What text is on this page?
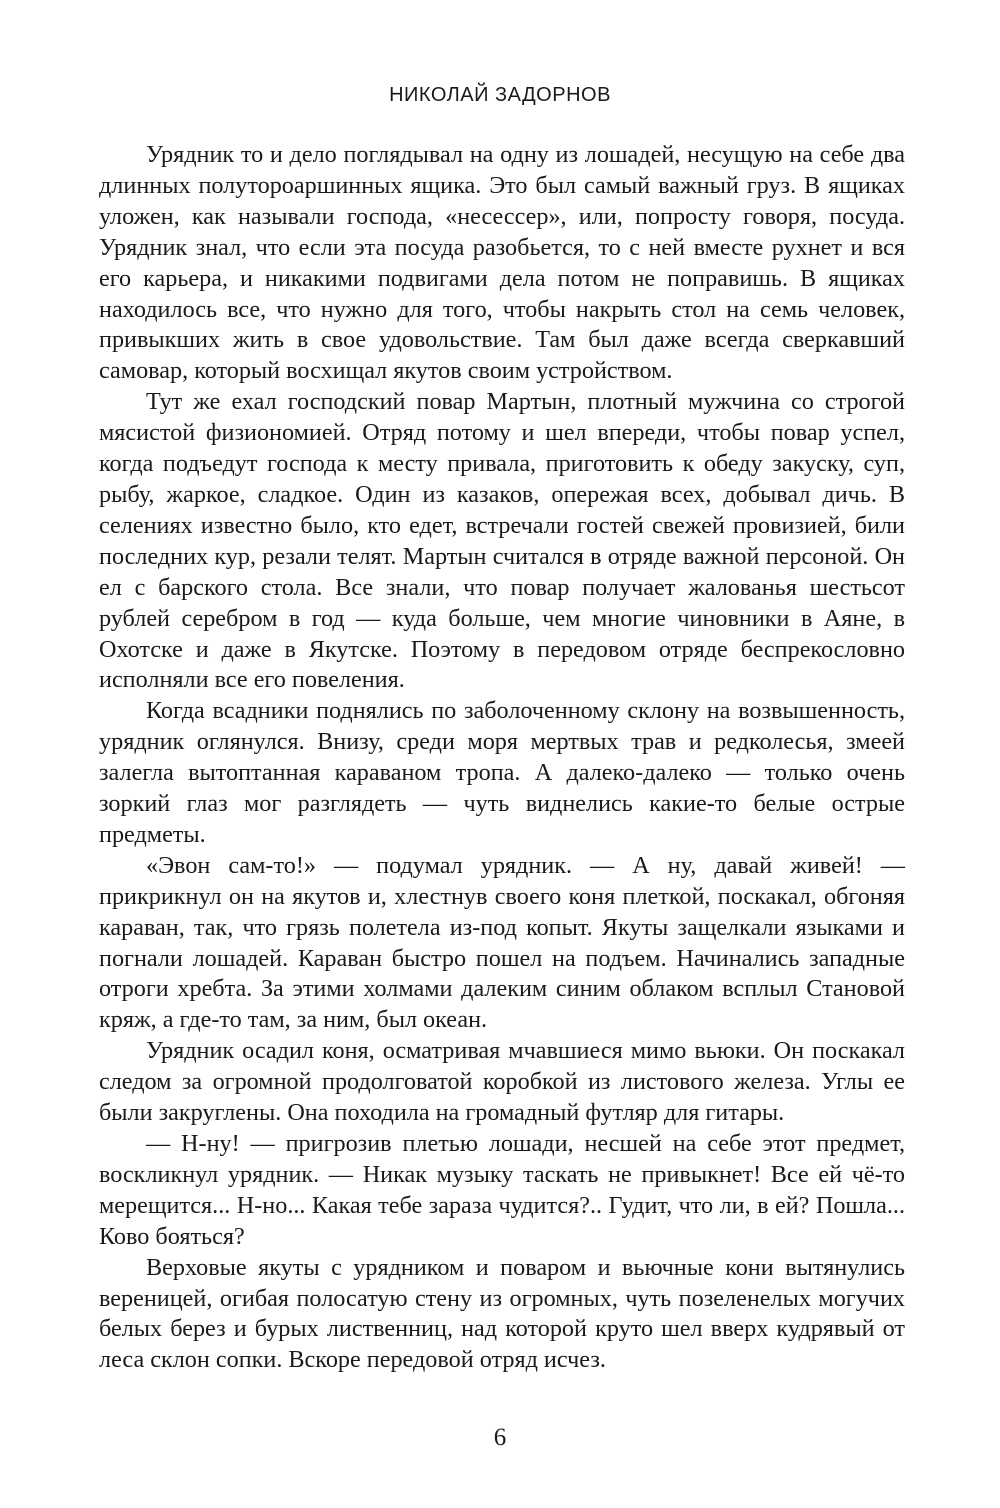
НИКОЛАЙ ЗАДОРНОВ

Урядник то и дело поглядывал на одну из лошадей, несущую на себе два длинных полутороаршинных ящика. Это был самый важный груз. В ящиках уложен, как называли господа, «несессер», или, попросту говоря, посуда. Урядник знал, что если эта посуда разобьется, то с ней вместе рухнет и вся его карьера, и никакими подвигами дела потом не поправишь. В ящиках находилось все, что нужно для того, чтобы накрыть стол на семь человек, привыкших жить в свое удовольствие. Там был даже всегда сверкавший самовар, который восхищал якутов своим устройством.

Тут же ехал господский повар Мартын, плотный мужчина со строгой мясистой физиономией. Отряд потому и шел впереди, чтобы повар успел, когда подъедут господа к месту привала, приготовить к обеду закуску, суп, рыбу, жаркое, сладкое. Один из казаков, опережая всех, добывал дичь. В селениях известно было, кто едет, встречали гостей свежей провизией, били последних кур, резали телят. Мартын считался в отряде важной персоной. Он ел с барского стола. Все знали, что повар получает жалованья шестьсот рублей серебром в год — куда больше, чем многие чиновники в Аяне, в Охотске и даже в Якутске. Поэтому в передовом отряде беспрекословно исполняли все его повеления.

Когда всадники поднялись по заболоченному склону на возвышенность, урядник оглянулся. Внизу, среди моря мертвых трав и редколесья, змеей залегла вытоптанная караваном тропа. А далеко-далеко — только очень зоркий глаз мог разглядеть — чуть виднелись какие-то белые острые предметы.

«Эвон сам-то!» — подумал урядник. — А ну, давай живей! — прикрикнул он на якутов и, хлестнув своего коня плеткой, поскакал, обгоняя караван, так, что грязь полетела из-под копыт. Якуты защелкали языками и погнали лошадей. Караван быстро пошел на подъем. Начинались западные отроги хребта. За этими холмами далеким синим облаком всплыл Становой кряж, а где-то там, за ним, был океан.

Урядник осадил коня, осматривая мчавшиеся мимо вьюки. Он поскакал следом за огромной продолговатой коробкой из листового железа. Углы ее были закруглены. Она походила на громадный футляр для гитары.

— Н-ну! — пригрозив плетью лошади, несшей на себе этот предмет, воскликнул урядник. — Никак музыку таскать не привыкнет! Все ей чё-то мерещится... Н-но... Какая тебе зараза чудится?.. Гудит, что ли, в ей? Пошла... Ково бояться?

Верховые якуты с урядником и поваром и вьючные кони вытянулись вереницей, огибая полосатую стену из огромных, чуть позеленелых могучих белых берез и бурых лиственниц, над которой круто шел вверх кудрявый от леса склон сопки. Вскоре передовой отряд исчез.

6
